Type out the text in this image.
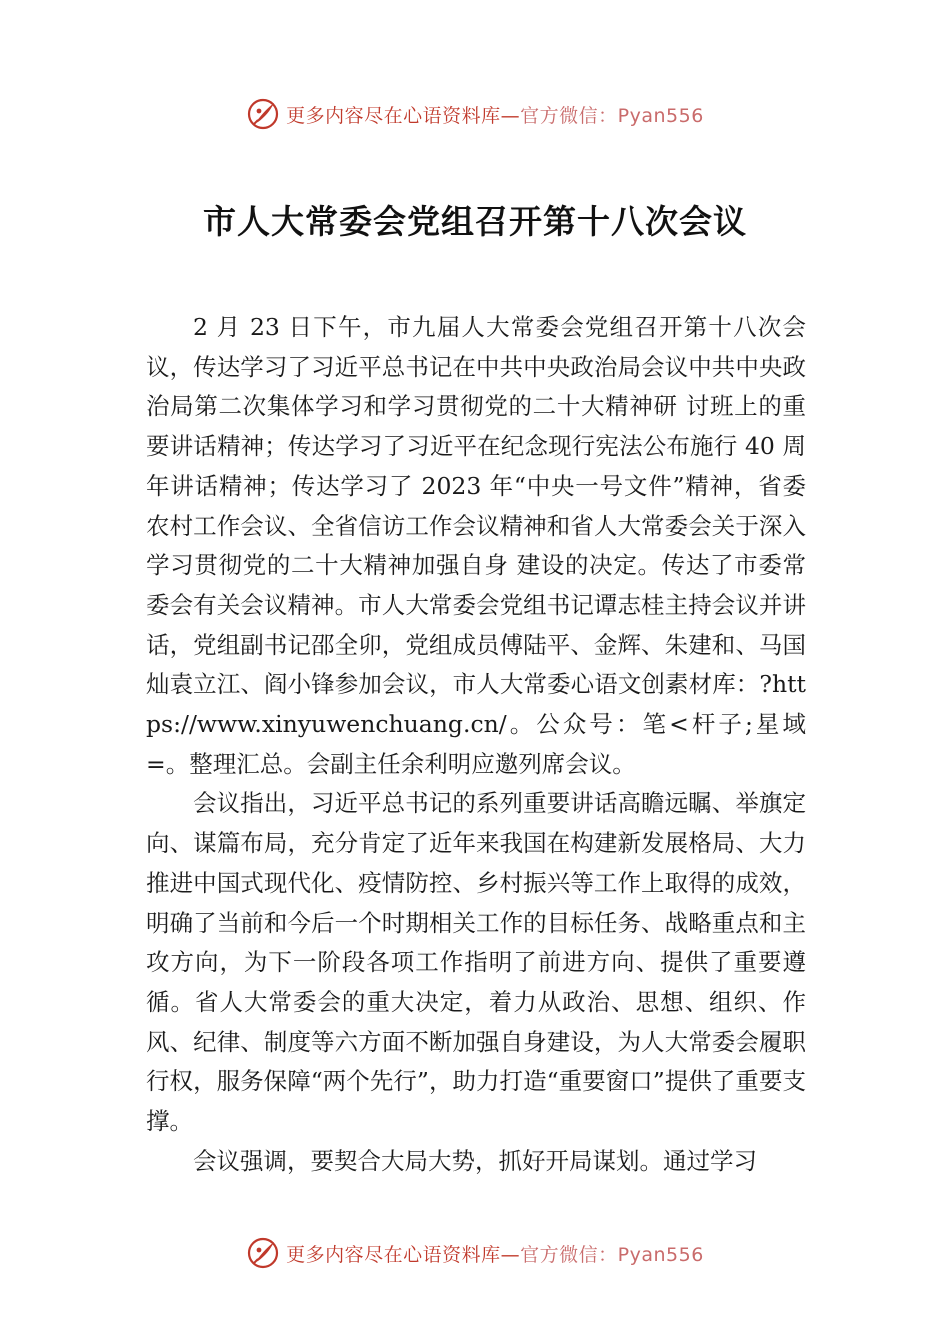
更多内容尽在心语资料库—官方微信：Pyan556
市人大常委会党组召开第十八次会议

2 月 23 日下午，市九届人大常委会党组召开第十八次会议，传达学习了习近平总书记在中共中央政治局会议中共中央政治局第二次集体学习和学习贯彻党的二十大精神研 讨班上的重要讲话精神；传达学习了习近平在纪念现行宪法公布施行 40 周年讲话精神；传达学习了 2023 年“中央一号文件”精神，省委农村工作会议、全省信访工作会议精神和省人大常委会关于深入学习贯彻党的二十大精神加强自身 建设的决定。传达了市委常委会有关会议精神。市人大常委会党组书记谭志桂主持会议并讲话，党组副书记邵全卯，党组成员傅陆平、金辉、朱建和、马国灿袁立江、阎小锋参加会议，市人大常委心语文创素材库：?https://www.xinyuwenchuang.cn/。公众号：笔<杆子;星域=。整理汇总。会副主任余利明应邀列席会议。

会议指出，习近平总书记的系列重要讲话高瞻远瞩、举旗定向、谋篇布局，充分肯定了近年来我国在构建新发展格局、大力推进中国式现代化、疫情防控、乡村振兴等工作上取得的成效，明确了当前和今后一个时期相关工作的目标任务、战略重点和主攻方向，为下一阶段各项工作指明了前进方向、提供了重要遵循。省人大常委会的重大决定，着力从政治、思想、组织、作风、纪律、制度等六方面不断加强自身建设，为人大常委会履职行权，服务保障“两个先行”，助力打造“重要窗口”提供了重要支撑。

会议强调，要契合大局大势，抓好开局谋划。通过学习

更多内容尽在心语资料库—官方微信：Pyan556
